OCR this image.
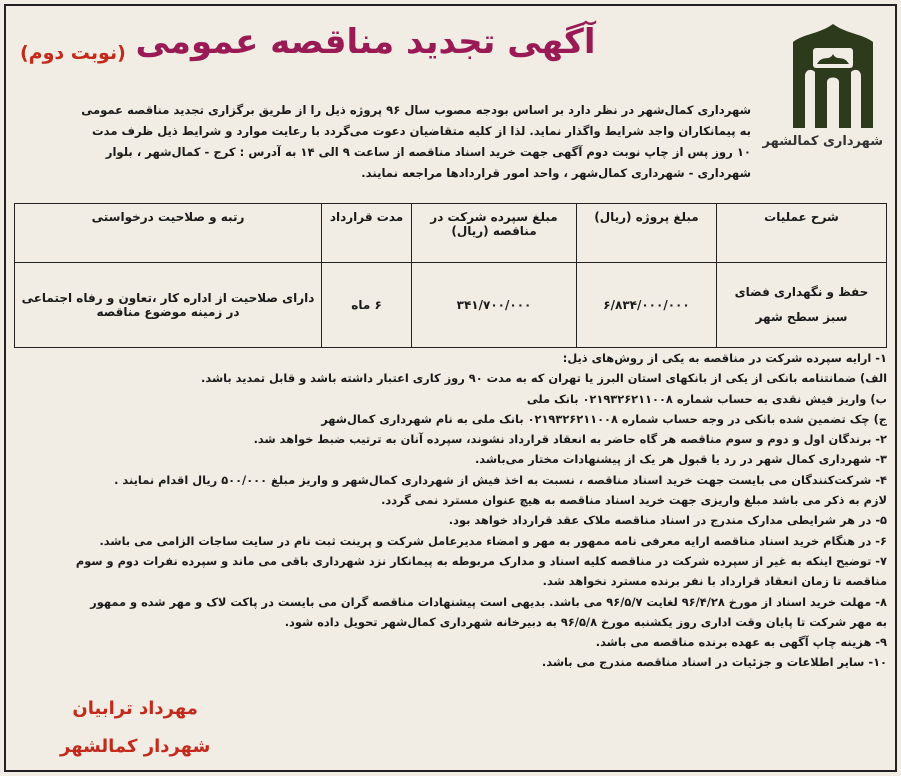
شهرداری کمالشهر
آگهی تجدید مناقصه عمومی
(نوبت دوم)
شهرداری کمال‌شهر در نظر دارد بر اساس بودجه مصوب سال ۹۶ پروژه ذیل را از طریق برگزاری تجدید مناقصه عمومی
به پیمانکاران واجد شرایط واگذار نماید. لذا از کلیه متقاضیان دعوت می‌گردد با رعایت موارد و شرایط ذیل ظرف مدت
۱۰ روز پس از چاپ نوبت دوم آگهی جهت خرید اسناد مناقصه از ساعت ۹ الی ۱۴ به آدرس : کرج - کمال‌شهر ، بلوار
شهرداری - شهرداری کمال‌شهر ، واحد امور قراردادها مراجعه نمایند.
شرح عملیات	مبلغ پروژه (ریال)	مبلغ سپرده شرکت در مناقصه (ریال)	مدت قرارداد	رتبه و صلاحیت درخواستی
حفظ و نگهداری فضای سبز سطح شهر	۶/۸۳۴/۰۰۰/۰۰۰	۳۴۱/۷۰۰/۰۰۰	۶ ماه	دارای صلاحیت از اداره کار ،تعاون و رفاه اجتماعی در زمینه موضوع مناقصه
۱- ارایه سپرده شرکت در مناقصه به یکی از روش‌های ذیل:
الف) ضمانتنامه بانکی از یکی از بانکهای استان البرز یا تهران که به مدت ۹۰ روز کاری اعتبار داشته باشد و قابل تمدید باشد.
ب) واریز فیش نقدی به حساب شماره ۰۲۱۹۳۲۶۲۱۱۰۰۸ بانک ملی
ج) چک تضمین شده بانکی در وجه حساب شماره ۰۲۱۹۳۲۶۲۱۱۰۰۸ بانک ملی به نام شهرداری کمال‌شهر
۲- برندگان اول و دوم و سوم مناقصه هر گاه حاضر به انعقاد قرارداد نشوند، سپرده آنان به ترتیب ضبط خواهد شد.
۳- شهرداری کمال شهر در رد یا قبول هر یک از پیشنهادات مختار می‌باشد.
۴- شرکت‌کنندگان می بایست جهت خرید اسناد مناقصه ، نسبت به اخذ فیش از شهرداری کمال‌شهر و واریز مبلغ ۵۰۰/۰۰۰ ریال اقدام نمایند .
لازم به ذکر می باشد مبلغ واریزی جهت خرید اسناد مناقصه به هیچ عنوان مسترد نمی گردد.
۵- در هر شرایطی مدارک مندرج در اسناد مناقصه ملاک عقد قرارداد خواهد بود.
۶- در هنگام خرید اسناد مناقصه ارایه معرفی نامه ممهور به مهر و امضاء مدیرعامل شرکت و پرینت ثبت نام در سایت ساجات الزامی می باشد.
۷- توضیح اینکه به غیر از سپرده شرکت در مناقصه کلیه اسناد و مدارک مربوطه به پیمانکار نزد شهرداری باقی می ماند و سپرده نفرات دوم و سوم
مناقصه تا زمان انعقاد قرارداد با نفر برنده مسترد نخواهد شد.
۸- مهلت خرید اسناد از مورخ ۹۶/۴/۲۸ لغایت ۹۶/۵/۷ می باشد. بدیهی است پیشنهادات مناقصه گران می بایست در پاکت لاک و مهر شده و ممهور
به مهر شرکت تا پایان وقت اداری روز یکشنبه مورخ ۹۶/۵/۸ به دبیرخانه شهرداری کمال‌شهر تحویل داده شود.
۹- هزینه چاپ آگهی به عهده برنده مناقصه می باشد.
۱۰- سایر اطلاعات و جزئیات در اسناد مناقصه مندرج می باشد.
مهرداد ترابیان
شهردار کمالشهر
